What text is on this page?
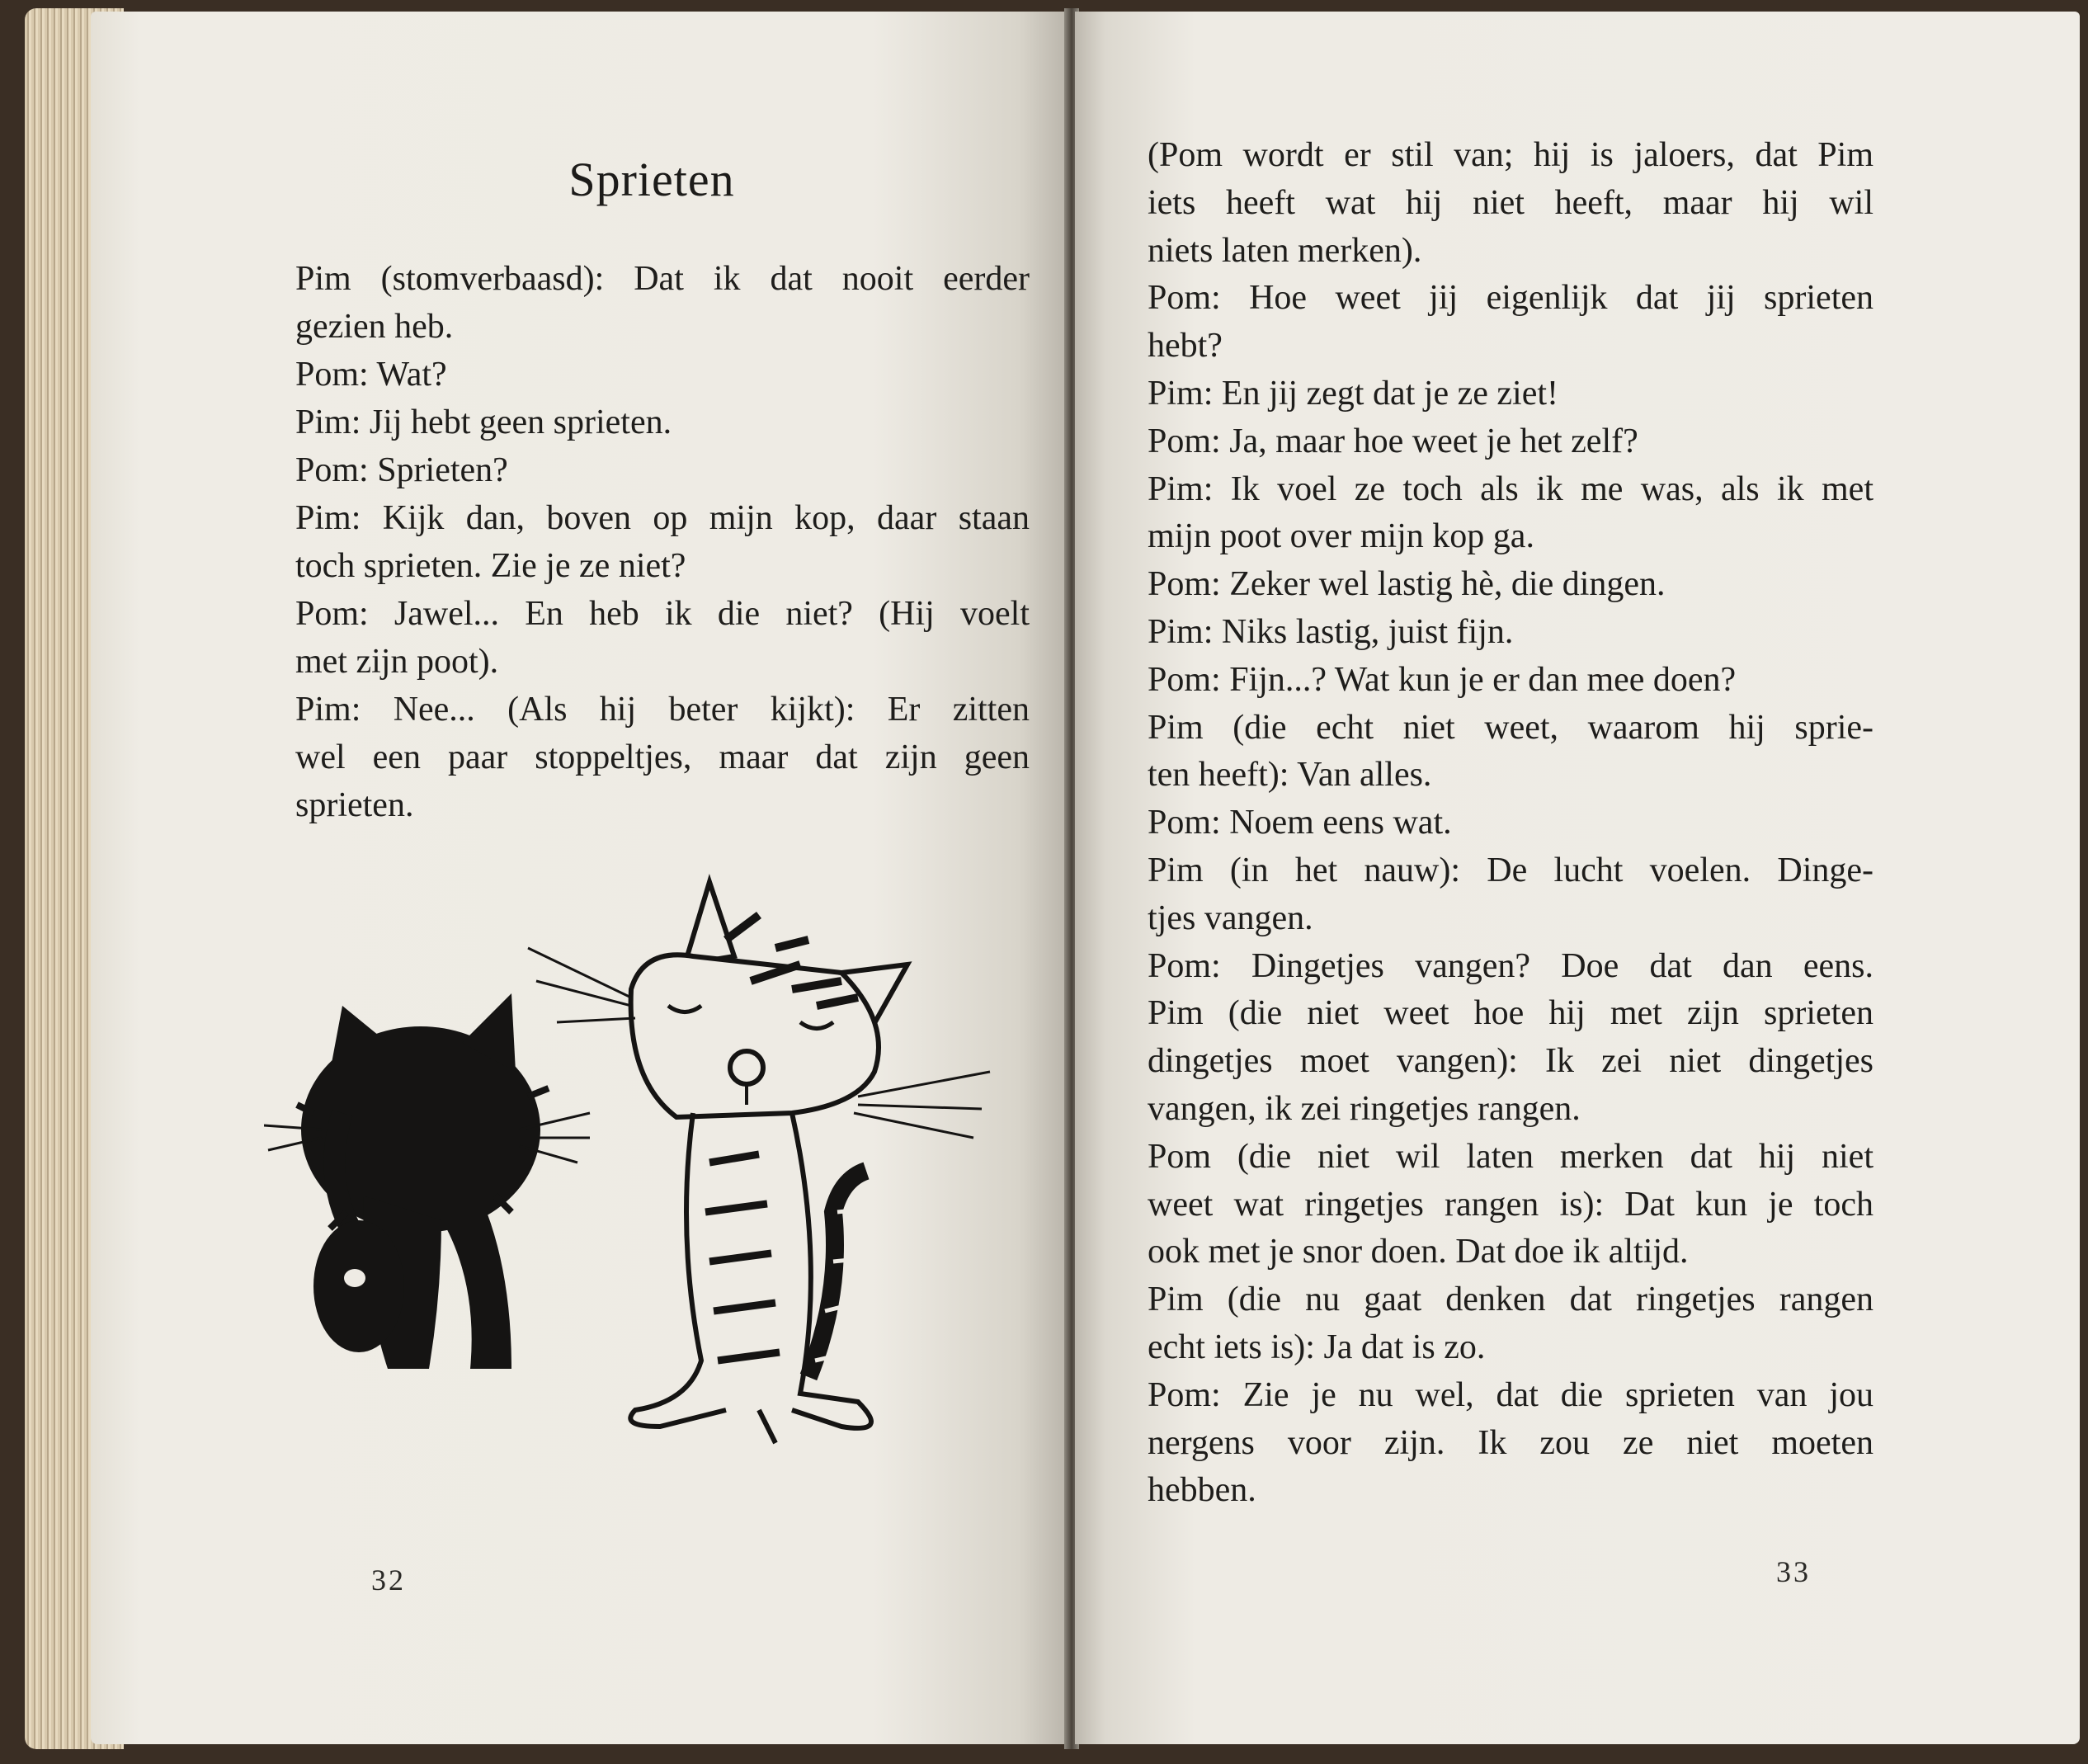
Sprieten
Pim (stomverbaasd): Dat ik dat nooit eerder
gezien heb.
Pom: Wat?
Pim: Jij hebt geen sprieten.
Pom: Sprieten?
Pim: Kijk dan, boven op mijn kop, daar staan
toch sprieten. Zie je ze niet?
Pom: Jawel... En heb ik die niet? (Hij voelt
met zijn poot).
Pim: Nee... (Als hij beter kijkt): Er zitten
wel een paar stoppeltjes, maar dat zijn geen
sprieten.
32
(Pom wordt er stil van; hij is jaloers, dat Pim
iets heeft wat hij niet heeft, maar hij wil
niets laten merken).
Pom: Hoe weet jij eigenlijk dat jij sprieten
hebt?
Pim: En jij zegt dat je ze ziet!
Pom: Ja, maar hoe weet je het zelf?
Pim: Ik voel ze toch als ik me was, als ik met
mijn poot over mijn kop ga.
Pom: Zeker wel lastig hè, die dingen.
Pim: Niks lastig, juist fijn.
Pom: Fijn...? Wat kun je er dan mee doen?
Pim (die echt niet weet, waarom hij sprie-
ten heeft): Van alles.
Pom: Noem eens wat.
Pim (in het nauw): De lucht voelen. Dinge-
tjes vangen.
Pom: Dingetjes vangen? Doe dat dan eens.
Pim (die niet weet hoe hij met zijn sprieten
dingetjes moet vangen): Ik zei niet dingetjes
vangen, ik zei ringetjes rangen.
Pom (die niet wil laten merken dat hij niet
weet wat ringetjes rangen is): Dat kun je toch
ook met je snor doen. Dat doe ik altijd.
Pim (die nu gaat denken dat ringetjes rangen
echt iets is): Ja dat is zo.
Pom: Zie je nu wel, dat die sprieten van jou
nergens voor zijn. Ik zou ze niet moeten
hebben.
33
